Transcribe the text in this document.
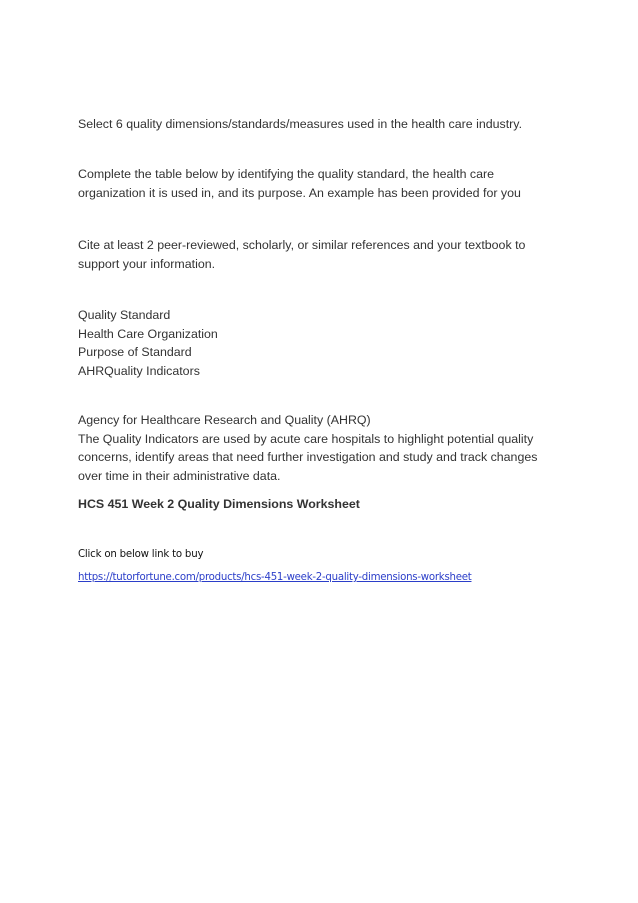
Select 6 quality dimensions/standards/measures used in the health care industry.

Complete the table below by identifying the quality standard, the health care
organization it is used in, and its purpose. An example has been provided for you

Cite at least 2 peer-reviewed, scholarly, or similar references and your textbook to
support your information.

Quality Standard
Health Care Organization
Purpose of Standard
AHRQuality Indicators

Agency for Healthcare Research and Quality (AHRQ)
The Quality Indicators are used by acute care hospitals to highlight potential quality
concerns, identify areas that need further investigation and study and track changes
over time in their administrative data.

HCS 451 Week 2 Quality Dimensions Worksheet

Click on below link to buy

https://tutorfortune.com/products/hcs-451-week-2-quality-dimensions-worksheet
